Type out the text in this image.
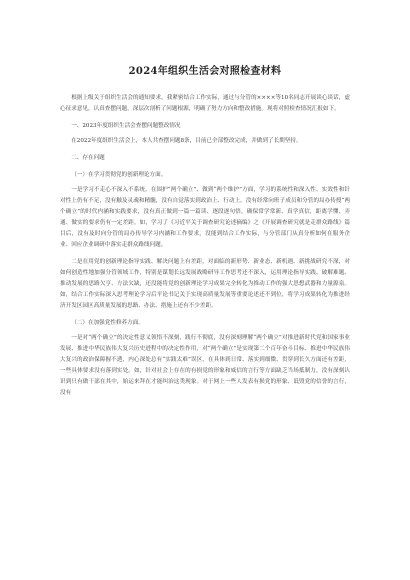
2024年组织生活会对照检查材料

根据上级关于组织生活会的通知要求，我紧密结合工作实际，通过与分管的××××等10名同志开展谈心谈话，虚心征求意见，认真查摆问题，深层次剖析了问题根源，明确了努力方向和整改措施。现将对照检查情况汇报如下。

一、2023年度组织生活会查摆问题整改情况

在2022年度组织生活会上，本人共查摆问题8条，目前已全部整改完成，并做到了长期坚持。

二、存在问题
（一）在学习贯彻党的创新理论方面。

一是学习不走心不深入不系统。在围护“两个确立”、做到“两个维护”方面，学习的系统性和深入性、实效性和针对性上仍有不足，没有触及灵魂和精髓，没有自觉落实到政治上、行动上。没有经常向班子成员和分管的局办传授“两个确立”的时代内涵和实践要求，没有真正做到一篇一篇读、逐段逐句悟，确保常学常新、真学真信，距离学懂、弄通、做实的要求仍有一定差距。如，学习了《习近平关于调查研究论述摘编》之《开展调查研究就是走群众路线》篇目后，没有及时向分管的局办传导学习内涵和工作要求，没能到结合工作实际，与分管部门从真分析如何在服务企业、回应企业调研中落实走群众路线问题。

二是在用党的创新理论指导实践、解决问题上有差距，对面临的新形势、新业态、新机遇、新挑战研究不深，对如何创造性地加强分管领域工作，特别是谋划长远发展战略研导工作思考还不深入，运用理论指导实践、破解难题、推动发展的思路欠亨、方法欠缺，还没能将党的创新理论学习成果完全转化为推动工作的强大思想武器和力量源泉。如，结合工作实际深入思考理论学习后平论书记关于实现高质量发展等重要论述还不到位，将学习成果转化为推进经济开发区园区高质量发展的思路、办法、措施上还有不少差距。

（二）在加强党性修养方面。

一是对“两个确立”的决定性意义领悟不深刻，践行不彻底，没有深刻理解“两个确立”对推进新时代党和国家事业发展、推进中华民族伟大复兴历史进程中的决定性作用，对“两个确立”是实现第二个百年奋斗目标、推进中华民族伟大复兴的政治保障握不透，内心深处总有“实践太难”误区，在具体到日常、落实到细微、贯穿到长久方面还有差距，一些具体要求没有落到实处。如，针对社会上存在的有损党的形象和威信的言行等方面缺乏当场抵制力，没有深刻认识到只有做干部在其中，始运来拜在才能纠治这类现象。对于网上一些人发表有损党的形象、诋毁党的信誉的言行，没有
